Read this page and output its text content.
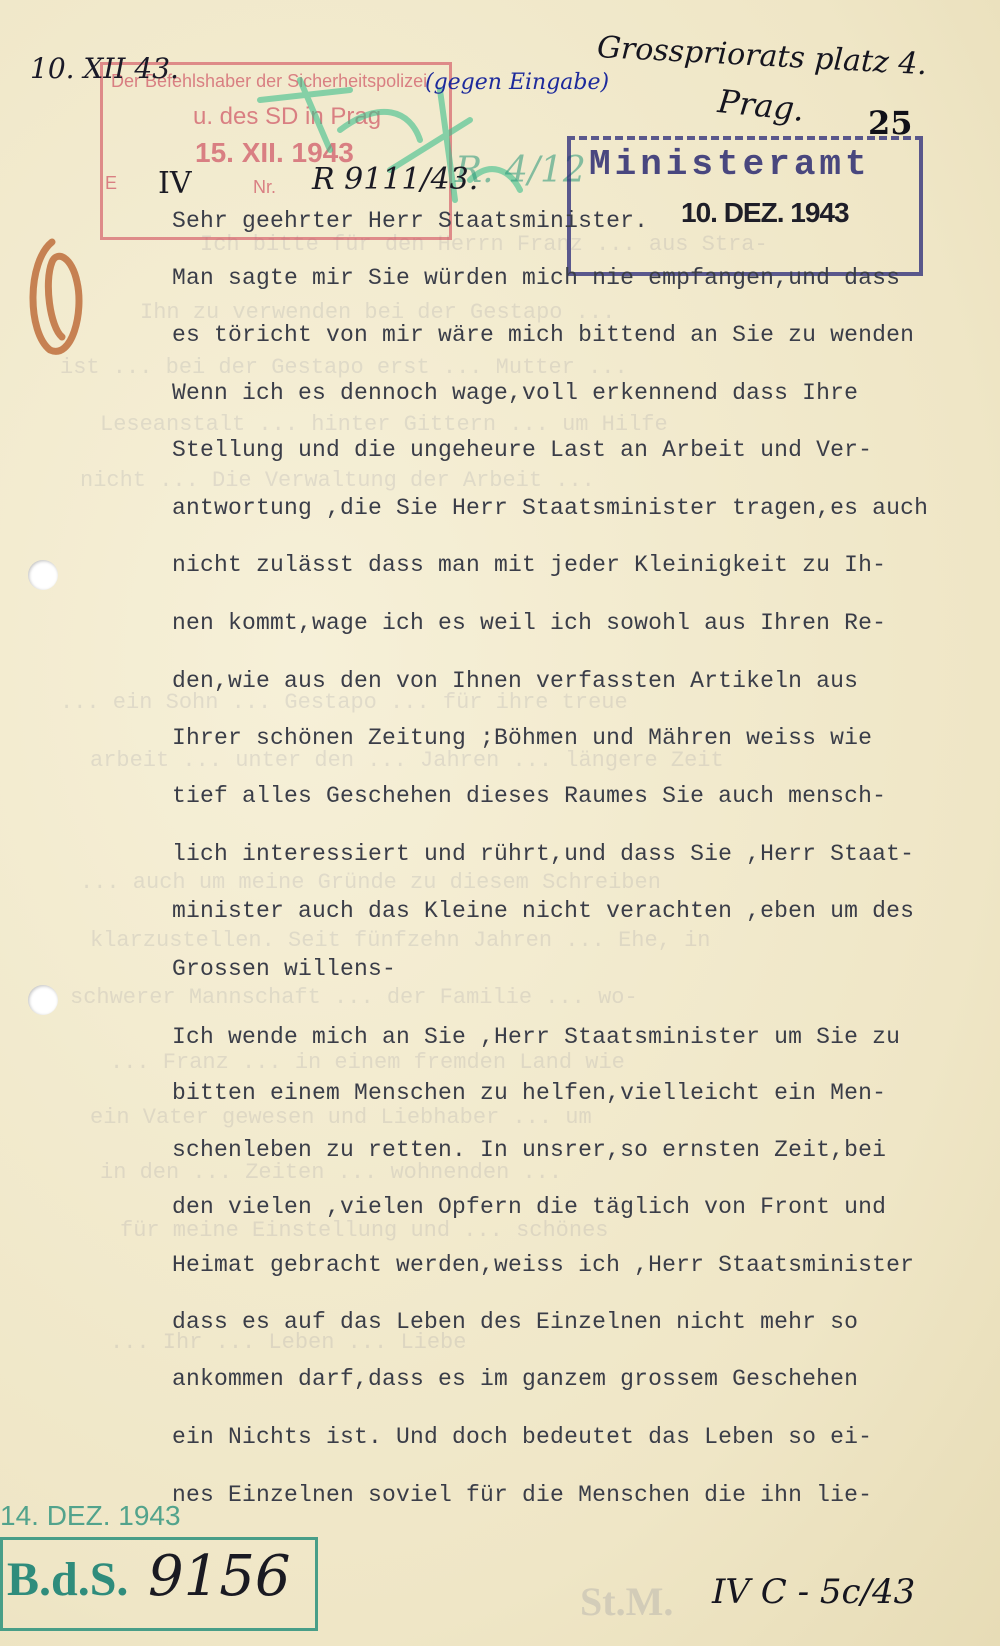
Ich bitte für den Herrn Franz ... aus Stra-
Ihn zu verwenden bei der Gestapo ...
ist ... bei der Gestapo erst ... Mutter ...
Leseanstalt ... hinter Gittern ... um Hilfe
nicht ... Die Verwaltung der Arbeit ...
... ein Sohn ... Gestapo ... für ihre treue
arbeit ... unter den ... Jahren ... längere Zeit
... auch um meine Gründe zu diesem Schreiben
klarzustellen. Seit fünfzehn Jahren ... Ehe, in
schwerer Mannschaft ... der Familie ... wo-
... Franz ... in einem fremden Land wie
ein Vater gewesen und Liebhaber ... um
in den ... Zeiten ... wohnenden ...
für meine Einstellung und ... schönes
... Ihr ... Leben ... Liebe
Der Befehlshaber der Sicherheitspolizei
u. des SD in Prag
15. XII. 1943
E	Nr.	R. 4/12
10. XII 43.	Grosspriorats platz 4.
Prag.
(gegen Eingabe)
25
Ministeramt
10. DEZ. 1943
IV	R 9111/43.
Sehr geehrter Herr Staatsminister.
Man sagte mir Sie würden mich nie empfangen,und dass
es töricht von mir wäre mich bittend an Sie zu wenden
Wenn ich es dennoch wage,voll erkennend dass Ihre
Stellung und die ungeheure Last an Arbeit und Ver-
antwortung ,die Sie Herr Staatsminister tragen,es auch
nicht zulässt dass man mit jeder Kleinigkeit zu Ih-
nen kommt,wage ich es weil ich sowohl aus Ihren Re-
den,wie aus den von Ihnen verfassten Artikeln aus
Ihrer schönen Zeitung ;Böhmen und Mähren weiss wie
tief alles Geschehen dieses Raumes Sie auch mensch-
lich interessiert und rührt,und dass Sie ,Herr Staat-
minister auch das Kleine nicht verachten ,eben um des
Grossen willens-
Ich wende mich an Sie ,Herr Staatsminister um Sie zu
bitten einem Menschen zu helfen,vielleicht ein Men-
schenleben zu retten. In unsrer,so ernsten Zeit,bei
den vielen ,vielen Opfern die täglich von Front und
Heimat gebracht werden,weiss ich ,Herr Staatsminister
dass es auf das Leben des Einzelnen nicht mehr so
ankommen darf,dass es im ganzem grossem Geschehen
ein Nichts ist. Und doch bedeutet das Leben so ei-
nes Einzelnen soviel für die Menschen die ihn lie-
14. DEZ. 1943
B.d.S. 9156	St.M. IV C - 5c/43
